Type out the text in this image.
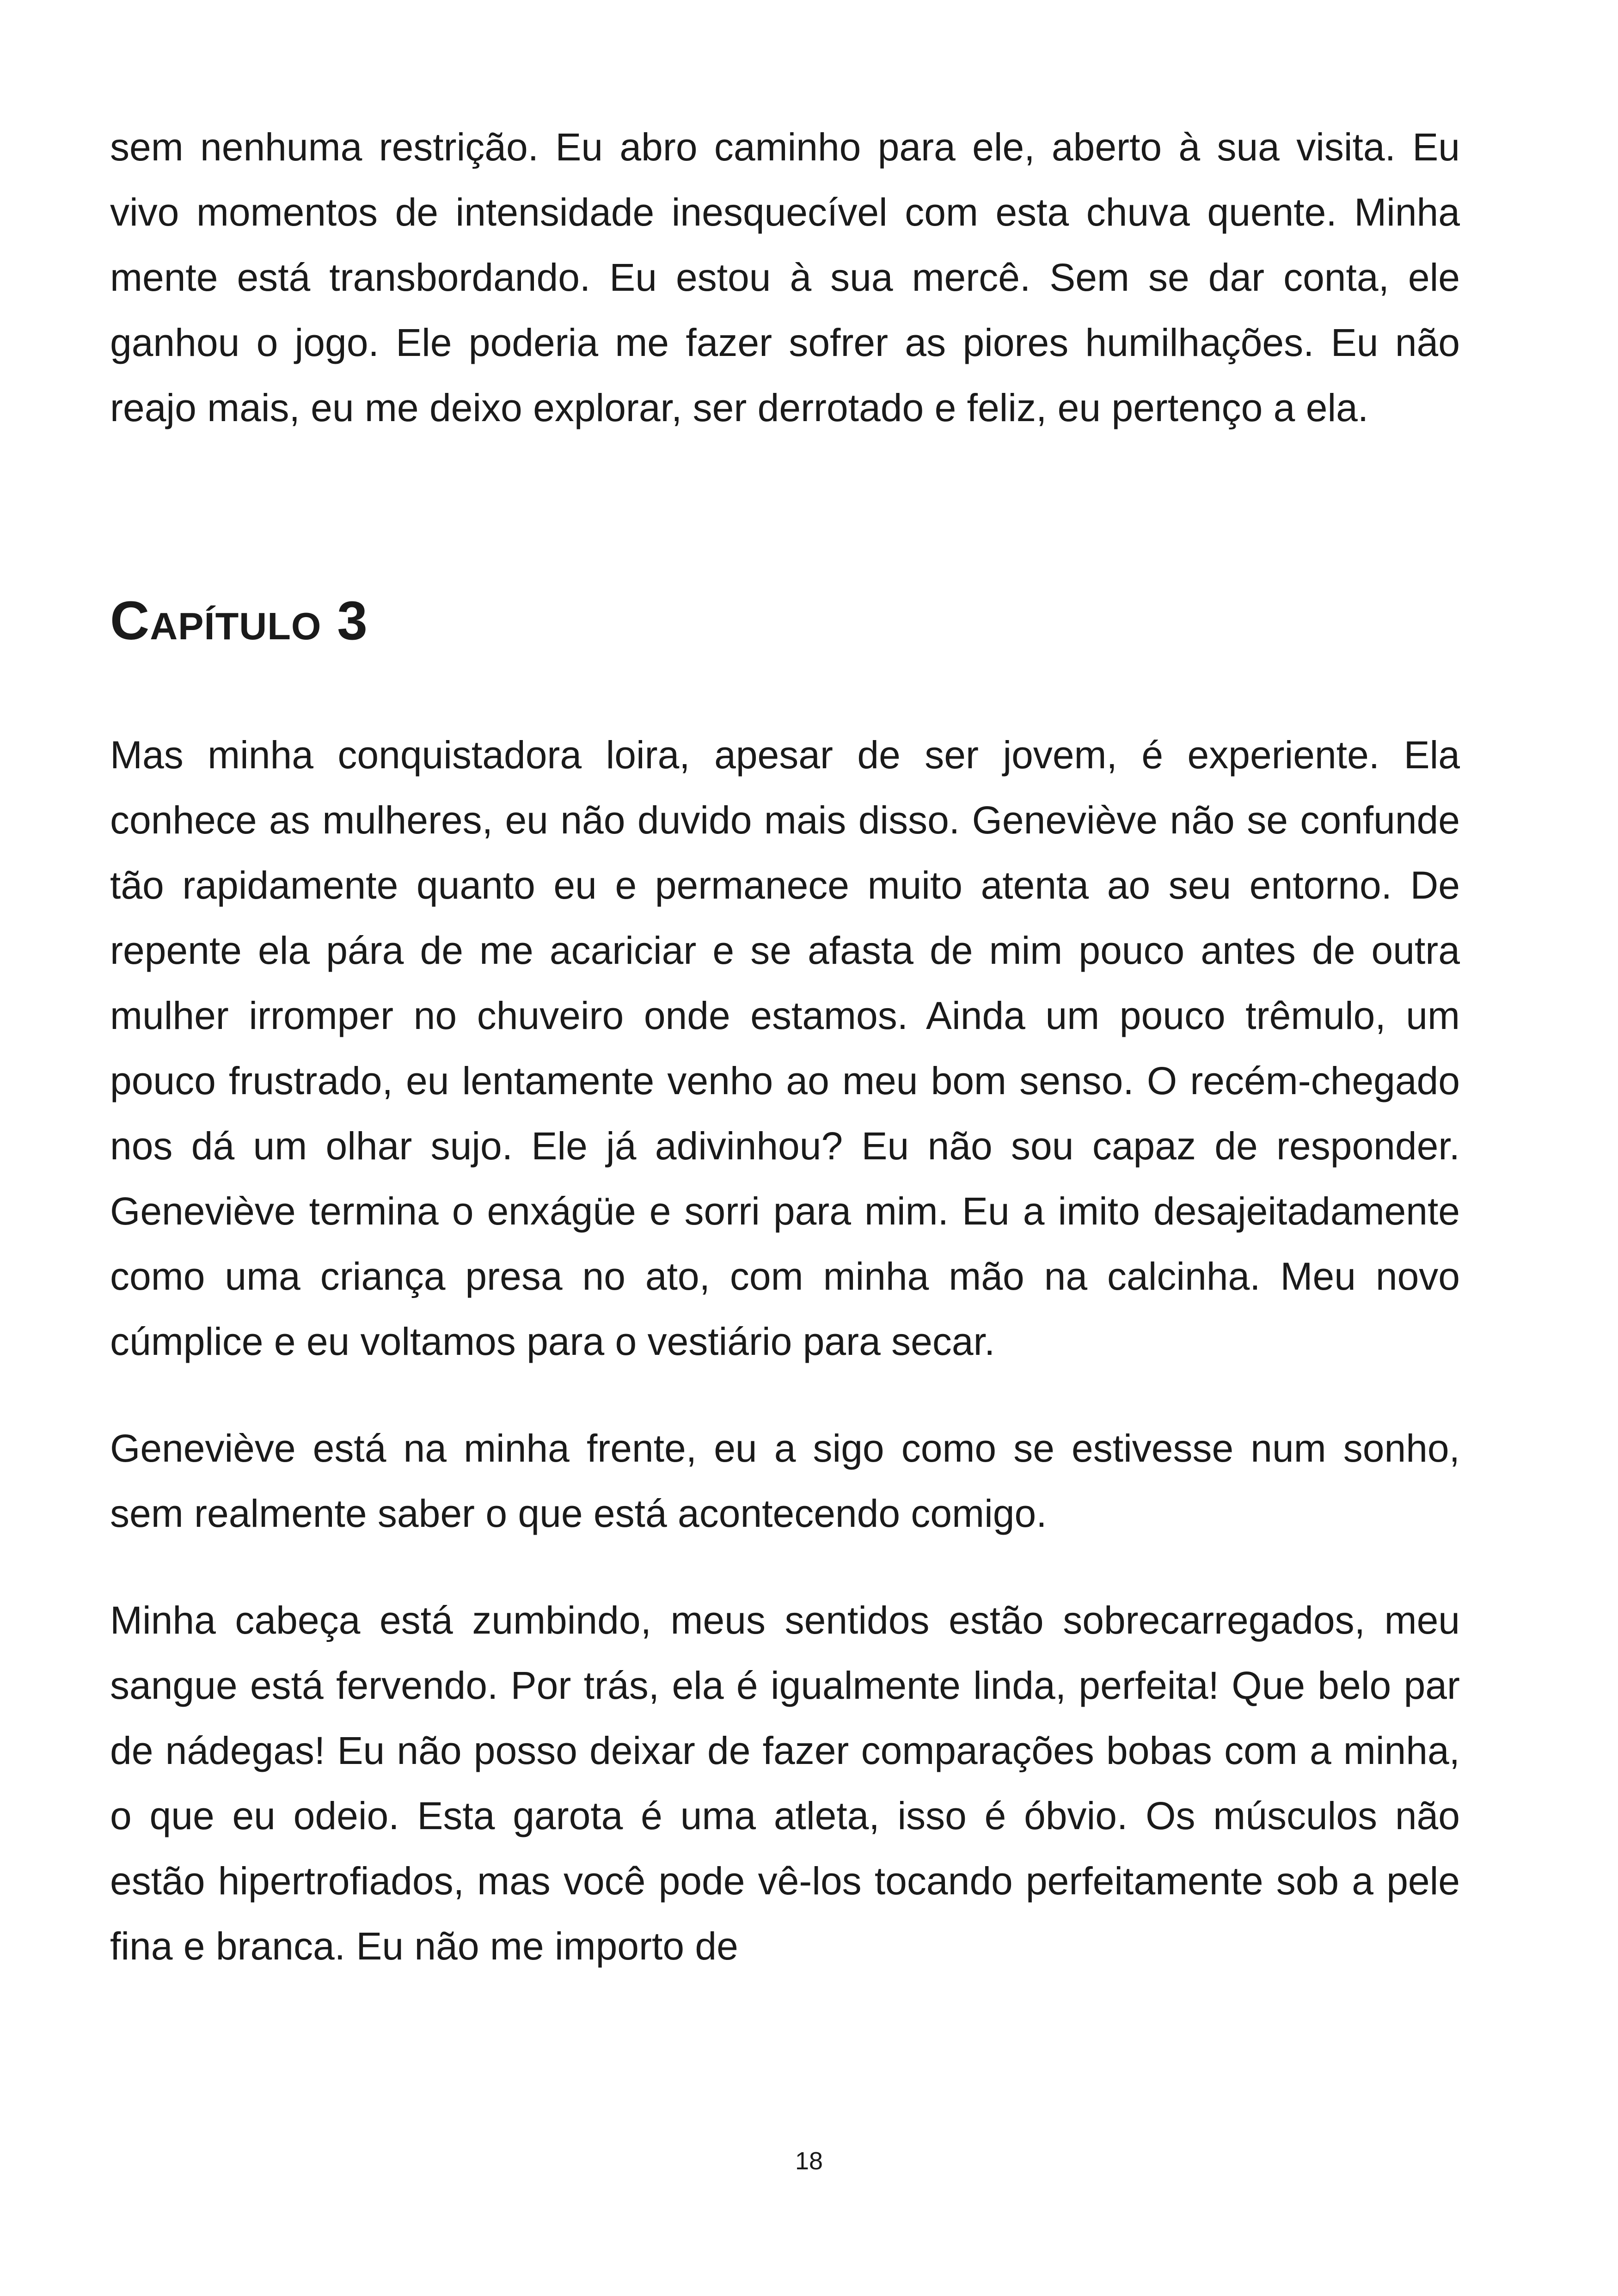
sem nenhuma restrição. Eu abro caminho para ele, aberto à sua visita. Eu vivo momentos de intensidade inesquecível com esta chuva quente. Minha mente está transbordando. Eu estou à sua mercê. Sem se dar conta, ele ganhou o jogo. Ele poderia me fazer sofrer as piores humilhações. Eu não reajo mais, eu me deixo explorar, ser derrotado e feliz, eu pertenço a ela.

Capítulo 3

Mas minha conquistadora loira, apesar de ser jovem, é experiente. Ela conhece as mulheres, eu não duvido mais disso. Geneviève não se confunde tão rapidamente quanto eu e permanece muito atenta ao seu entorno. De repente ela pára de me acariciar e se afasta de mim pouco antes de outra mulher irromper no chuveiro onde estamos. Ainda um pouco trêmulo, um pouco frustrado, eu lentamente venho ao meu bom senso. O recém-chegado nos dá um olhar sujo. Ele já adivinhou? Eu não sou capaz de responder. Geneviève termina o enxágüe e sorri para mim. Eu a imito desajeitadamente como uma criança presa no ato, com minha mão na calcinha. Meu novo cúmplice e eu voltamos para o vestiário para secar.

Geneviève está na minha frente, eu a sigo como se estivesse num sonho, sem realmente saber o que está acontecendo comigo.

Minha cabeça está zumbindo, meus sentidos estão sobrecarregados, meu sangue está fervendo. Por trás, ela é igualmente linda, perfeita! Que belo par de nádegas! Eu não posso deixar de fazer comparações bobas com a minha, o que eu odeio. Esta garota é uma atleta, isso é óbvio. Os músculos não estão hipertrofiados, mas você pode vê-los tocando perfeitamente sob a pele fina e branca. Eu não me importo de

18
